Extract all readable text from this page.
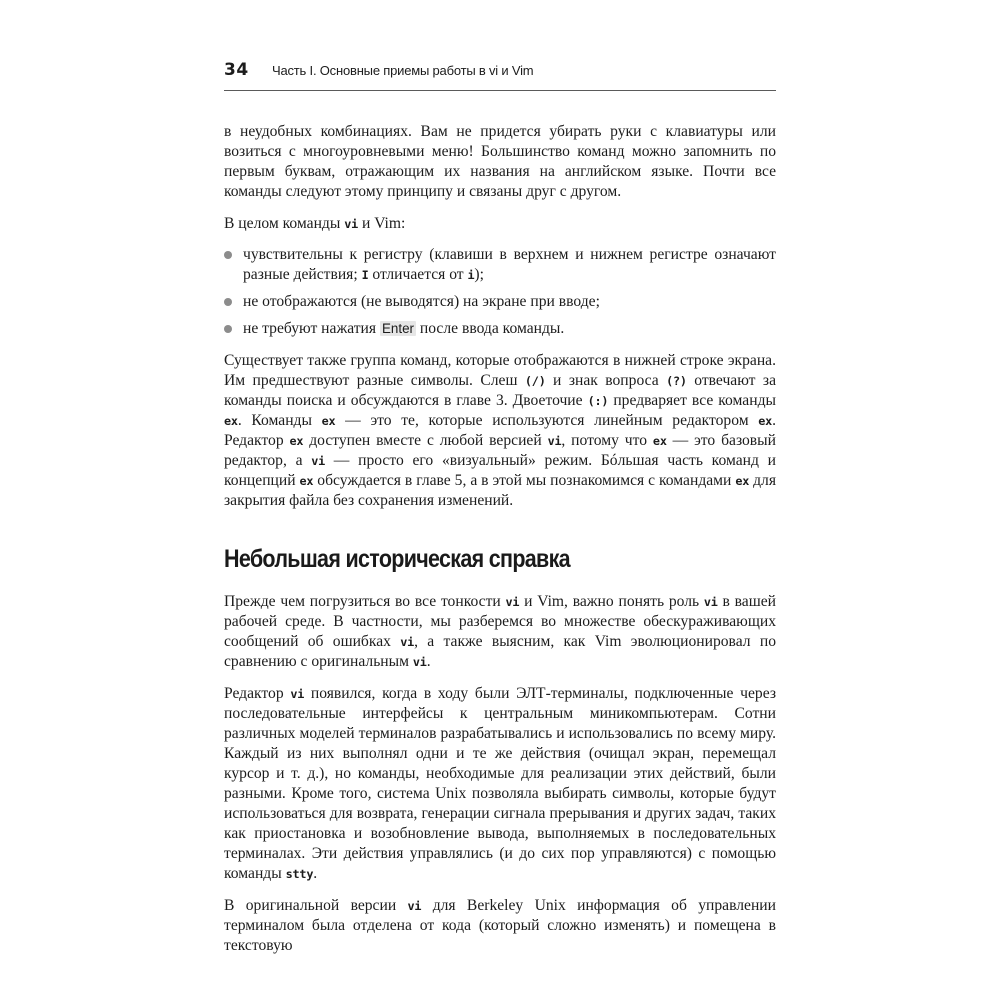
34	Часть I. Основные приемы работы в vi и Vim

в неудобных комбинациях. Вам не придется убирать руки с клавиатуры или возиться с многоуровневыми меню! Большинство команд можно запомнить по первым буквам, отражающим их названия на английском языке. Почти все команды следуют этому принципу и связаны друг с другом.

В целом команды vi и Vim:

чувствительны к регистру (клавиши в верхнем и нижнем регистре означают разные действия; I отличается от i);
не отображаются (не выводятся) на экране при вводе;
не требуют нажатия Enter после ввода команды.

Существует также группа команд, которые отображаются в нижней строке экрана. Им предшествуют разные символы. Слеш (/) и знак вопроса (?) отвечают за команды поиска и обсуждаются в главе 3. Двоеточие (:) предваряет все команды ex. Команды ex — это те, которые используются линейным редактором ex. Редактор ex доступен вместе с любой версией vi, потому что ex — это базовый редактор, а vi — просто его «визуальный» режим. Бóльшая часть команд и концепций ex обсуждается в главе 5, а в этой мы познакомимся с командами ex для закрытия файла без сохранения изменений.

Небольшая историческая справка

Прежде чем погрузиться во все тонкости vi и Vim, важно понять роль vi в вашей рабочей среде. В частности, мы разберемся во множестве обескураживающих сообщений об ошибках vi, а также выясним, как Vim эволюционировал по сравнению с оригинальным vi.

Редактор vi появился, когда в ходу были ЭЛТ-терминалы, подключенные через последовательные интерфейсы к центральным миникомпьютерам. Сотни различных моделей терминалов разрабатывались и использовались по всему миру. Каждый из них выполнял одни и те же действия (очищал экран, перемещал курсор и т. д.), но команды, необходимые для реализации этих действий, были разными. Кроме того, система Unix позволяла выбирать символы, которые будут использоваться для возврата, генерации сигнала прерывания и других задач, таких как приостановка и возобновление вывода, выполняемых в последовательных терминалах. Эти действия управлялись (и до сих пор управляются) с помощью команды stty.

В оригинальной версии vi для Berkeley Unix информация об управлении терминалом была отделена от кода (который сложно изменять) и помещена в текстовую
